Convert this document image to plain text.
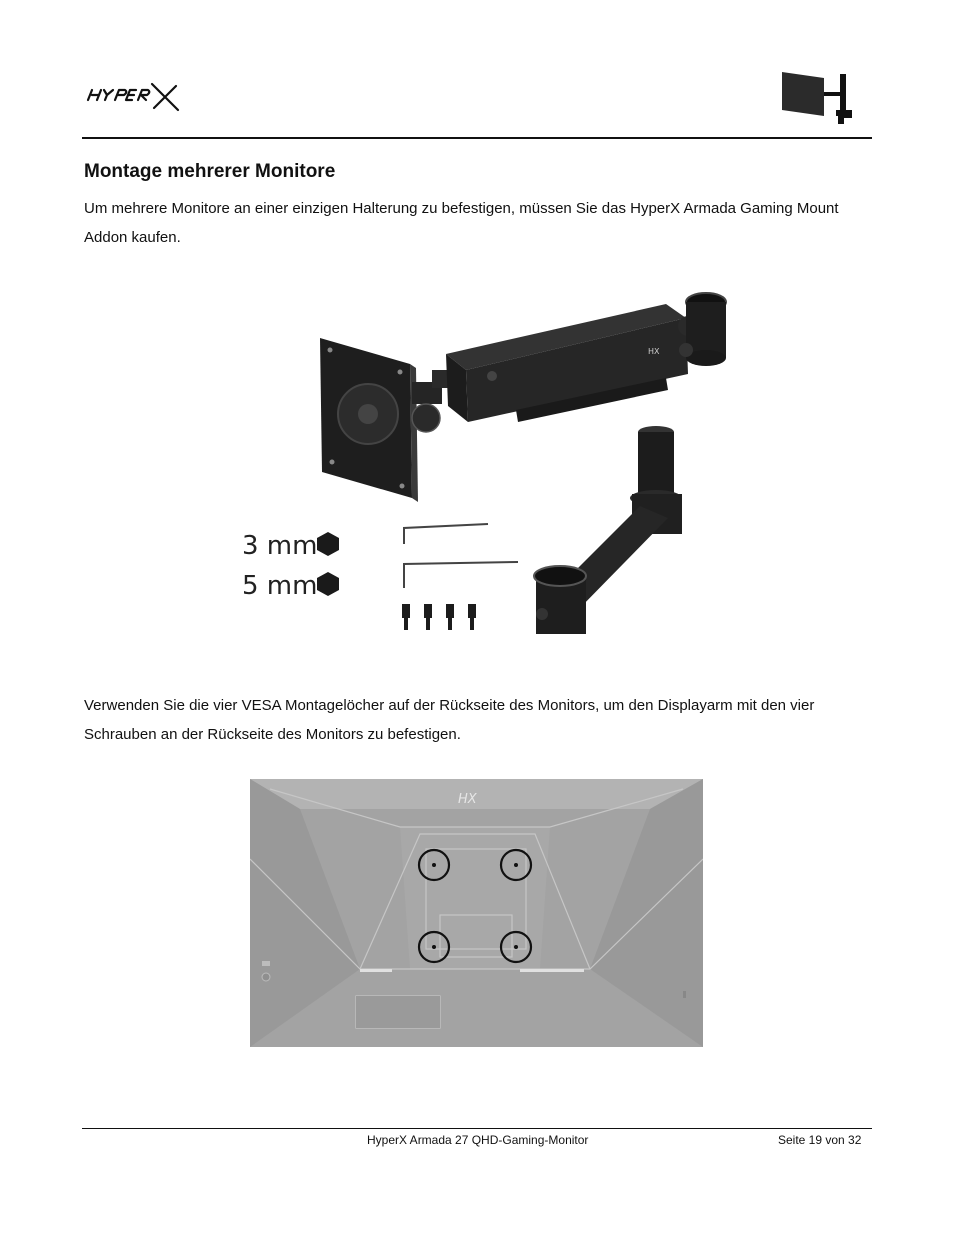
Montage mehrerer Monitore

Um mehrere Monitore an einer einzigen Halterung zu befestigen, müssen Sie das HyperX Armada Gaming Mount Addon kaufen.

HX
3 mm
5 mm

Verwenden Sie die vier VESA Montagelöcher auf der Rückseite des Monitors, um den Displayarm mit den vier Schrauben an der Rückseite des Monitors zu befestigen.

HX
HyperX Armada 27 QHD-Gaming-Monitor	Seite 19 von 32
